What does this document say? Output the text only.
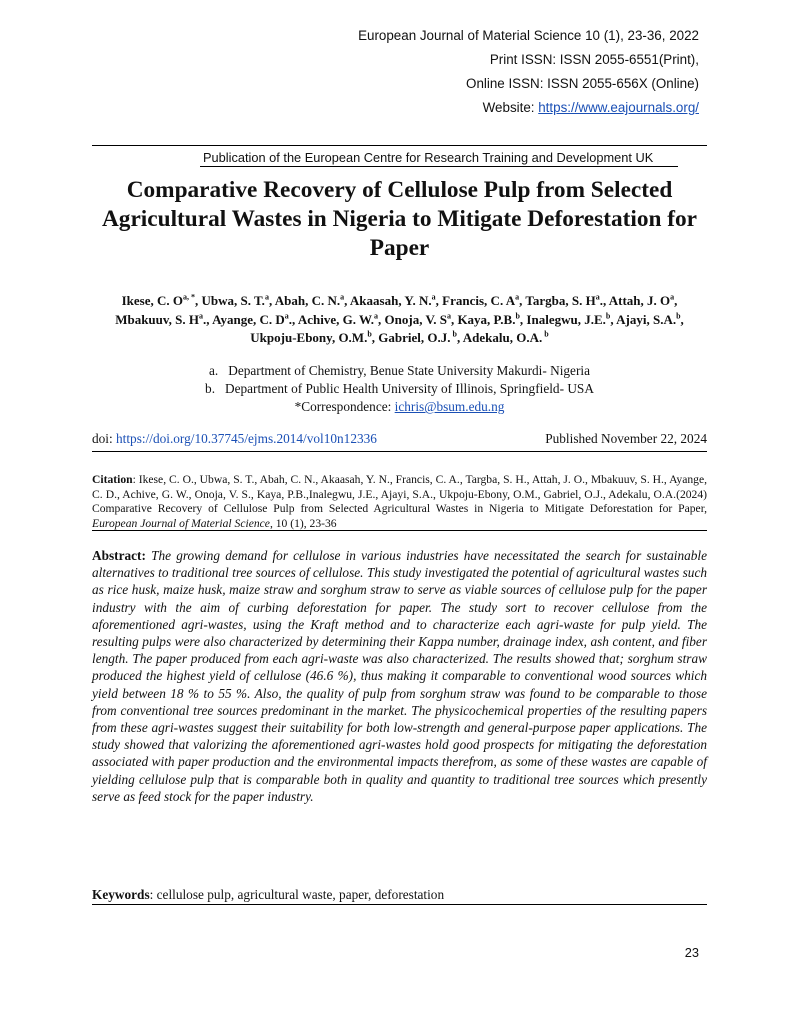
European Journal of Material Science 10 (1), 23-36, 2022
Print ISSN: ISSN 2055-6551(Print),
Online ISSN: ISSN 2055-656X (Online)
Website: https://www.eajournals.org/
Publication of the European Centre for Research Training and Development UK
Comparative Recovery of Cellulose Pulp from Selected Agricultural Wastes in Nigeria to Mitigate Deforestation for Paper
Ikese, C. $O^{a, *}$, Ubwa, S. T.$^a$, Abah, C. N.$^a$, Akaasah, Y. N.$^a$, Francis, C. $A^a$, Targba, S. $H^a$., Attah, J. $O^a$, Mbakuuv, S. $H^a$., Ayange, C. $D^a$., Achive, G. W.$^a$, Onoja, V. $S^a$, Kaya, P.B.$^b$, Inalegwu, J.E.$^b$, Ajayi, S.A.$^b$, Ukpoju-Ebony, O.M.$^b$, Gabriel, O.J. $^b$, Adekalu, O.A. $^b$
a.   Department of Chemistry, Benue State University Makurdi- Nigeria
b.   Department of Public Health University of Illinois, Springfield- USA
*Correspondence: ichris@bsum.edu.ng
doi: https://doi.org/10.37745/ejms.2014/vol10n12336	Published November 22, 2024
Citation: Ikese, C. O., Ubwa, S. T., Abah, C. N., Akaasah, Y. N., Francis, C. A., Targba, S. H., Attah, J. O., Mbakuuv, S. H., Ayange, C. D., Achive, G. W., Onoja, V. S., Kaya, P.B.,Inalegwu, J.E., Ajayi, S.A., Ukpoju-Ebony, O.M., Gabriel, O.J., Adekalu, O.A.(2024) Comparative Recovery of Cellulose Pulp from Selected Agricultural Wastes in Nigeria to Mitigate Deforestation for Paper, European Journal of Material Science, 10 (1), 23-36
Abstract: The growing demand for cellulose in various industries have necessitated the search for sustainable alternatives to traditional tree sources of cellulose. This study investigated the potential of agricultural wastes such as rice husk, maize husk, maize straw and sorghum straw to serve as viable sources of cellulose pulp for the paper industry with the aim of curbing deforestation for paper. The study sort to recover cellulose from the aforementioned agri-wastes, using the Kraft method and to characterize each agri-waste for pulp yield. The resulting pulps were also characterized by determining their Kappa number, drainage index, ash content, and fiber length. The paper produced from each agri-waste was also characterized. The results showed that; sorghum straw produced the highest yield of cellulose (46.6 %), thus making it comparable to conventional wood sources which yield between 18 % to 55 %. Also, the quality of pulp from sorghum straw was found to be comparable to those from conventional tree sources predominant in the market. The physicochemical properties of the resulting papers from these agri-wastes suggest their suitability for both low-strength and general-purpose paper applications. The study showed that valorizing the aforementioned agri-wastes hold good prospects for mitigating the deforestation associated with paper production and the environmental impacts therefrom, as some of these wastes are capable of yielding cellulose pulp that is comparable both in quality and quantity to traditional tree sources which presently serve as feed stock for the paper industry.
Keywords: cellulose pulp, agricultural waste, paper, deforestation
23
